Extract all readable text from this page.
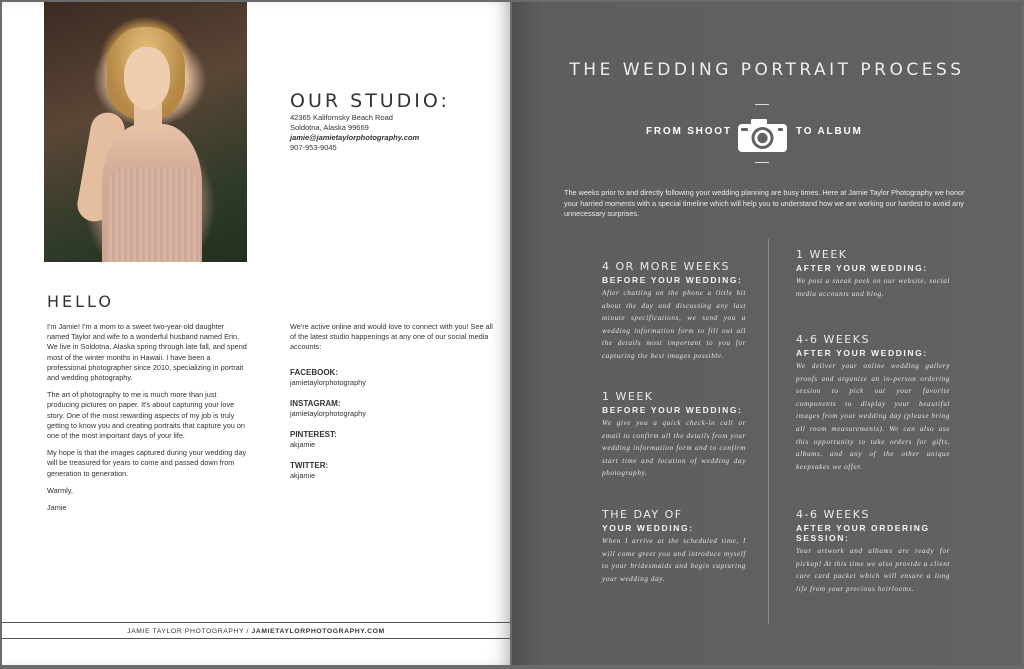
OUR STUDIO:
42365 Kalifornsky Beach Road
Soldotna, Alaska 99669
jamie@jamietaylorphotography.com
907-953-9045
HELLO

I'm Jamie! I'm a mom to a sweet two-year-old daughter named Taylor and wife to a wonderful husband named Erin. We live in Soldotna, Alaska spring through late fall, and spend most of the winter months in Hawaii. I have been a professional photographer since 2010, specializing in portrait and wedding photography.

The art of photography to me is much more than just producing pictures on paper. It's about capturing your love story. One of the most rewarding aspects of my job is truly getting to know you and creating portraits that capture you on one of the most important days of your life.

My hope is that the images captured during your wedding day will be treasured for years to come and passed down from generation to generation.

Warmly,

Jamie

We're active online and would love to connect with you! See all of the latest studio happenings at any one of our social media accounts:

FACEBOOK:
jamietaylorphotography
INSTAGRAM:
jamietaylorphotography
PINTEREST:
akjamie
TWITTER:
akjamie
JAMIE TAYLOR PHOTOGRAPHY / JAMIETAYLORPHOTOGRAPHY.COM
THE WEDDING PORTRAIT PROCESS
FROM SHOOT	TO ALBUM
The weeks prior to and directly following your wedding planning are busy times. Here at Jamie Taylor Photography we honor your harried moments with a special timeline which will help you to understand how we are working our hardest to avoid any unnecessary surprises.
4 OR MORE WEEKS
BEFORE YOUR WEDDING:
After chatting on the phone a little bit about the day and discussing any last minute specifications, we send you a wedding information form to fill out all the details most important to you for capturing the best images possible.
1 WEEK
BEFORE YOUR WEDDING:
We give you a quick check-in call or email to confirm all the details from your wedding information form and to confirm start time and location of wedding day photography.
THE DAY OF
YOUR WEDDING:
When I arrive at the scheduled time, I will come greet you and introduce myself to your bridesmaids and begin capturing your wedding day.
1 WEEK
AFTER YOUR WEDDING:
We post a sneak peek on our website, social media accounts and blog.
4-6 WEEKS
AFTER YOUR WEDDING:
We deliver your online wedding gallery proofs and organize an in-person ordering session to pick out your favorite components to display your beautiful images from your wedding day (please bring all room measurements). We can also use this opportunity to take orders for gifts, albums, and any of the other unique keepsakes we offer.
4-6 WEEKS
AFTER YOUR ORDERING SESSION:
Your artwork and albums are ready for pickup! At this time we also provide a client care card packet which will ensure a long life from your precious heirlooms.
